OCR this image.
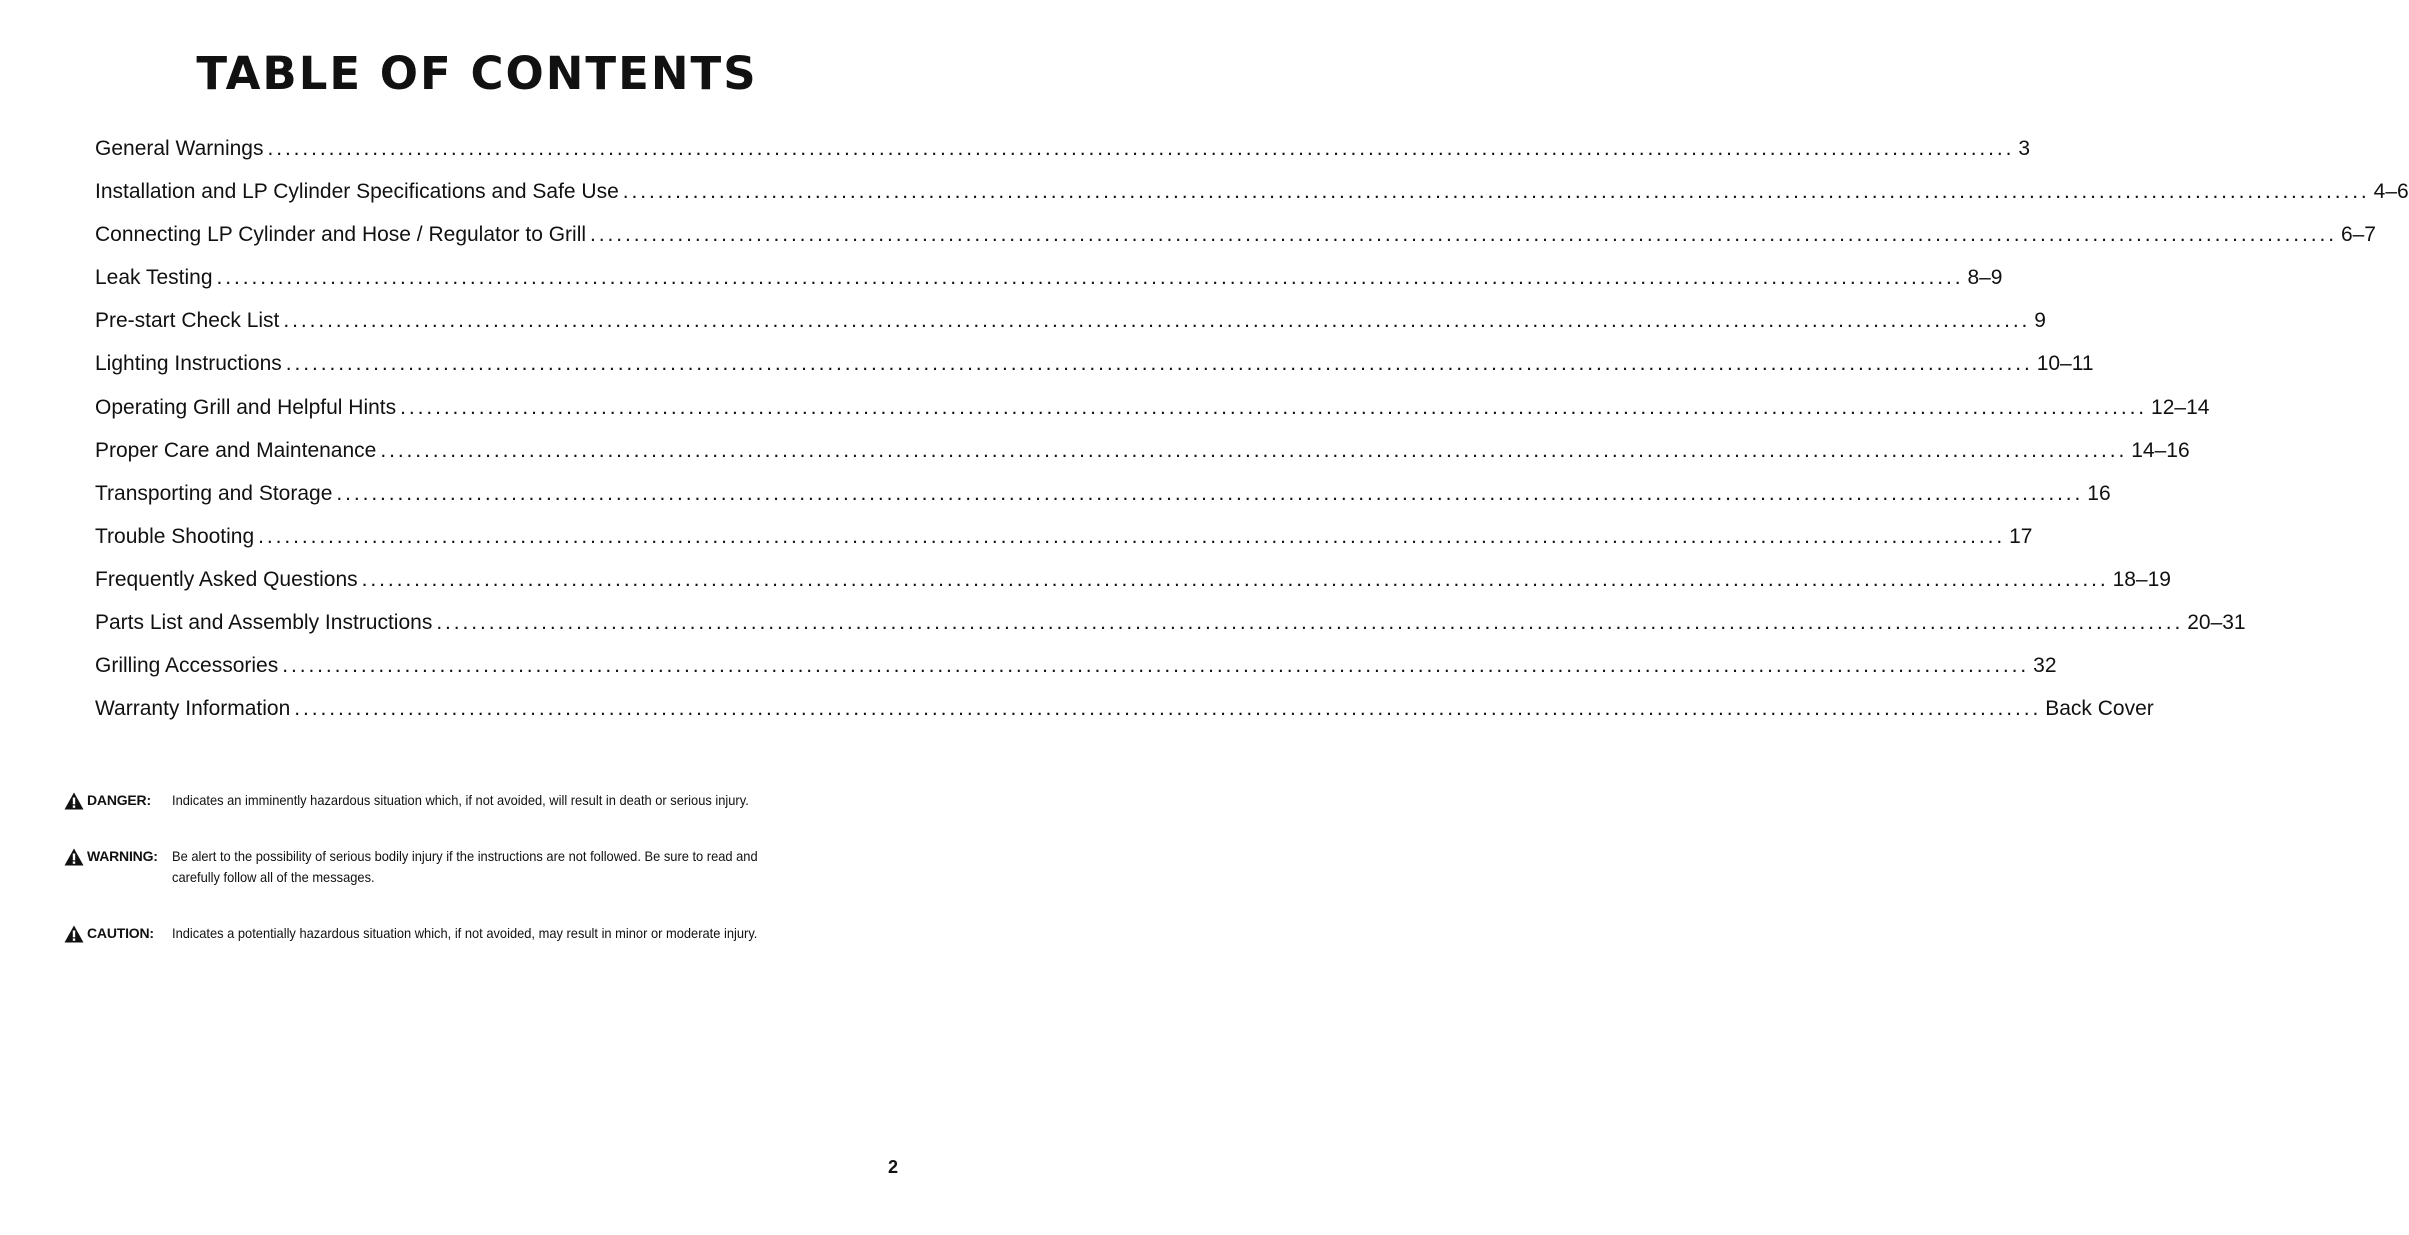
TABLE OF CONTENTS
General Warnings ........................................................................................................................................................................................................ 3
Installation and LP Cylinder Specifications and Safe Use ........................................................................................................................................................................................................ 4–6
Connecting LP Cylinder and Hose / Regulator to Grill ........................................................................................................................................................................................................ 6–7
Leak Testing ........................................................................................................................................................................................................ 8–9
Pre-start Check List ........................................................................................................................................................................................................ 9
Lighting Instructions ........................................................................................................................................................................................................ 10–11
Operating Grill and Helpful Hints ........................................................................................................................................................................................................ 12–14
Proper Care and Maintenance ........................................................................................................................................................................................................ 14–16
Transporting and Storage ........................................................................................................................................................................................................ 16
Trouble Shooting ........................................................................................................................................................................................................ 17
Frequently Asked Questions ........................................................................................................................................................................................................ 18–19
Parts List and Assembly Instructions ........................................................................................................................................................................................................ 20–31
Grilling Accessories ........................................................................................................................................................................................................ 32
Warranty Information ........................................................................................................................................................................................................ Back Cover
DANGER: Indicates an imminently hazardous situation which, if not avoided, will result in death or serious injury.
WARNING: Be alert to the possibility of serious bodily injury if the instructions are not followed. Be sure to read and carefully follow all of the messages.
CAUTION: Indicates a potentially hazardous situation which, if not avoided, may result in minor or moderate injury.
2
